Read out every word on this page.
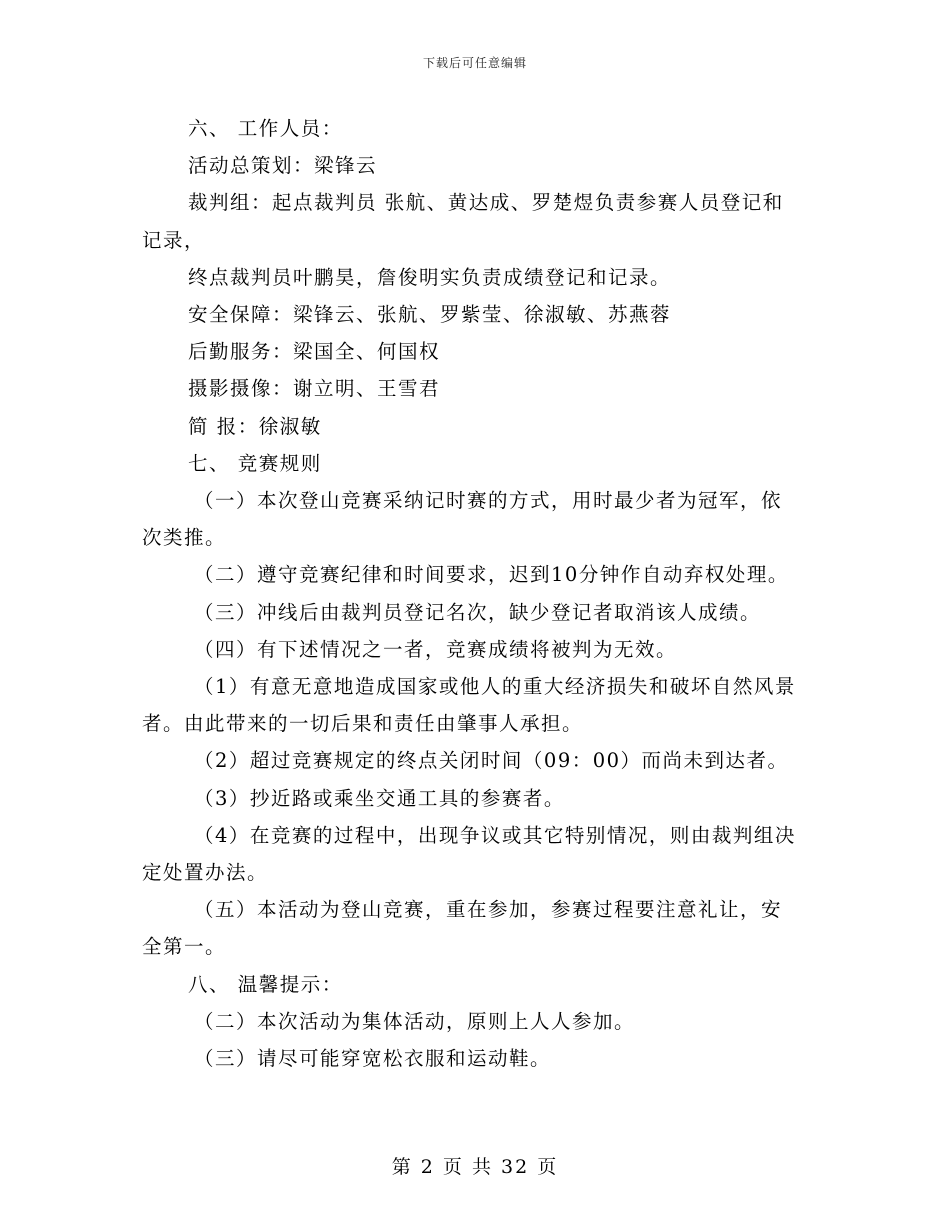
下载后可任意编辑

六、 工作人员：

活动总策划：梁锋云

裁判组：起点裁判员 张航、黄达成、罗楚煜负责参赛人员登记和

记录，

终点裁判员叶鹏昊，詹俊明实负责成绩登记和记录。

安全保障：梁锋云、张航、罗紫莹、徐淑敏、苏燕蓉

后勤服务：梁国全、何国权

摄影摄像：谢立明、王雪君

简 报：徐淑敏

七、 竞赛规则

（一）本次登山竞赛采纳记时赛的方式，用时最少者为冠军，依

次类推。

（二）遵守竞赛纪律和时间要求，迟到10分钟作自动弃权处理。

（三）冲线后由裁判员登记名次，缺少登记者取消该人成绩。

（四）有下述情况之一者，竞赛成绩将被判为无效。

（1）有意无意地造成国家或他人的重大经济损失和破坏自然风景

者。由此带来的一切后果和责任由肇事人承担。

（2）超过竞赛规定的终点关闭时间（09：00）而尚未到达者。

（3）抄近路或乘坐交通工具的参赛者。

（4）在竞赛的过程中，出现争议或其它特别情况，则由裁判组决

定处置办法。

（五）本活动为登山竞赛，重在参加，参赛过程要注意礼让，安

全第一。

八、 温馨提示：

（二）本次活动为集体活动，原则上人人参加。

（三）请尽可能穿宽松衣服和运动鞋。

第 2 页 共 32 页
